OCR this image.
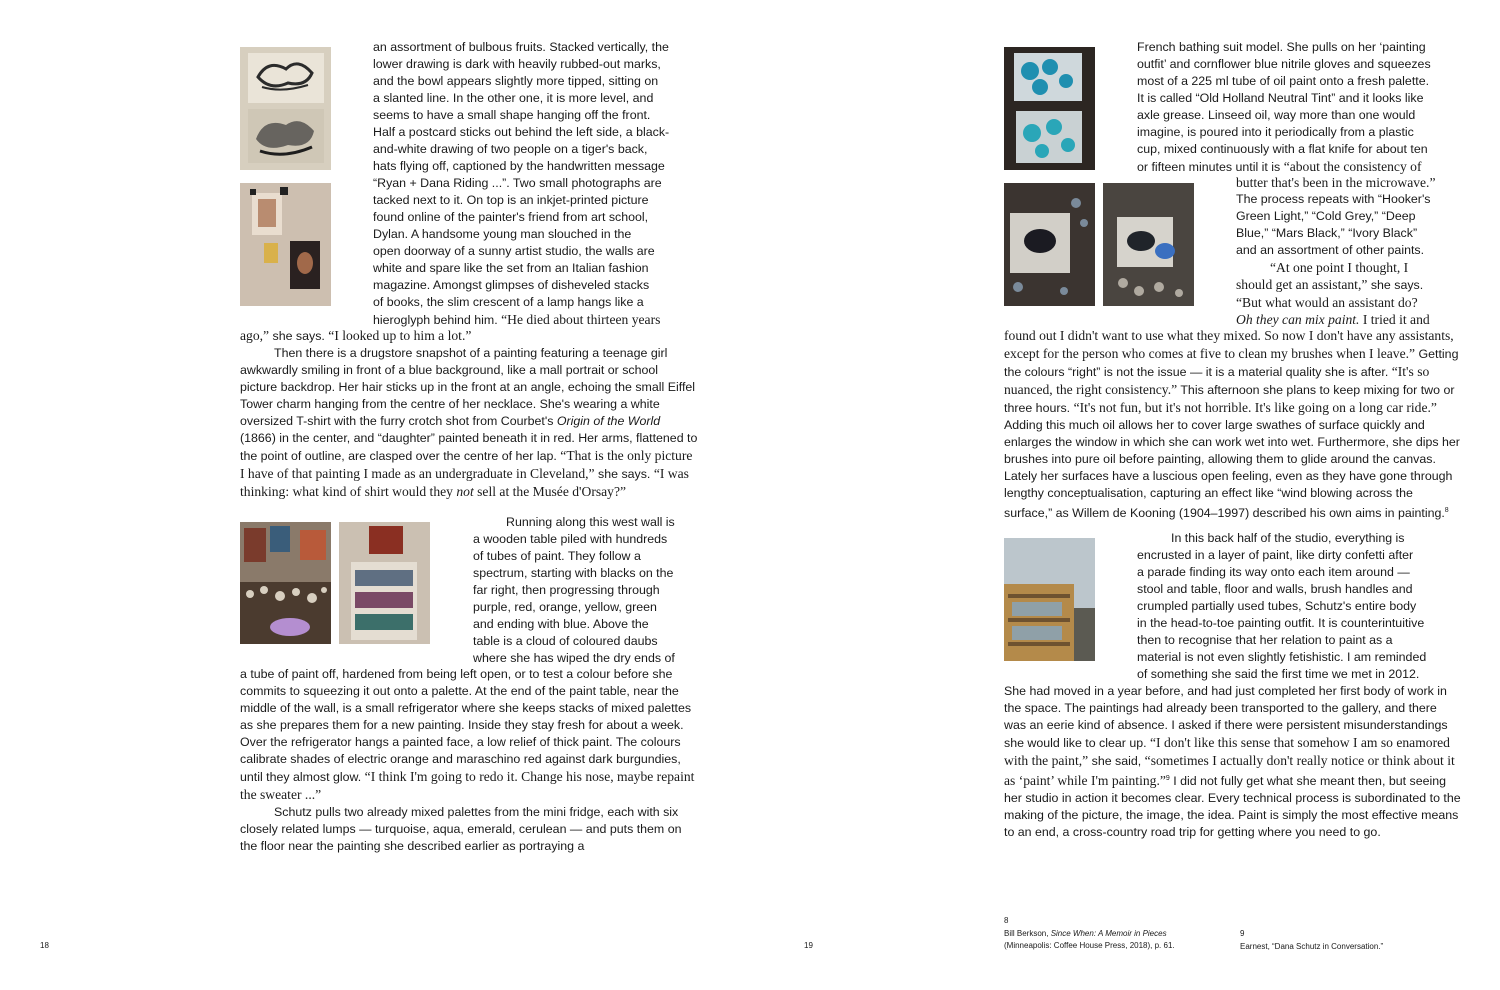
an assortment of bulbous fruits. Stacked vertically, the
lower drawing is dark with heavily rubbed-out marks,
and the bowl appears slightly more tipped, sitting on
a slanted line. In the other one, it is more level, and
seems to have a small shape hanging off the front.
Half a postcard sticks out behind the left side, a black-
and-white drawing of two people on a tiger's back,
hats flying off, captioned by the handwritten message
“Ryan + Dana Riding ...”. Two small photographs are
tacked next to it. On top is an inkjet-printed picture
found online of the painter's friend from art school,
Dylan. A handsome young man slouched in the
open doorway of a sunny artist studio, the walls are
white and spare like the set from an Italian fashion
magazine. Amongst glimpses of disheveled stacks
of books, the slim crescent of a lamp hangs like a
hieroglyph behind him. “He died about thirteen years

ago,” she says. “I looked up to him a lot.”

Then there is a drugstore snapshot of a painting featuring a teenage girl awkwardly smiling in front of a blue background, like a mall portrait or school picture backdrop. Her hair sticks up in the front at an angle, echoing the small Eiffel Tower charm hanging from the centre of her necklace. She's wearing a white oversized T-shirt with the furry crotch shot from Courbet's Origin of the World (1866) in the center, and “daughter” painted beneath it in red. Her arms, flattened to the point of outline, are clasped over the centre of her lap. “That is the only picture I have of that painting I made as an undergraduate in Cleveland,” she says. “I was thinking: what kind of shirt would they not sell at the Musée d'Orsay?”

Running along this west wall is
a wooden table piled with hundreds
of tubes of paint. They follow a
spectrum, starting with blacks on the
far right, then progressing through
purple, red, orange, yellow, green
and ending with blue. Above the
table is a cloud of coloured daubs
where she has wiped the dry ends of

a tube of paint off, hardened from being left open, or to test a colour before she commits to squeezing it out onto a palette. At the end of the paint table, near the middle of the wall, is a small refrigerator where she keeps stacks of mixed palettes as she prepares them for a new painting. Inside they stay fresh for about a week. Over the refrigerator hangs a painted face, a low relief of thick paint. The colours calibrate shades of electric orange and maraschino red against dark burgundies, until they almost glow. “I think I'm going to redo it. Change his nose, maybe repaint the sweater ...”

Schutz pulls two already mixed palettes from the mini fridge, each with six closely related lumps — turquoise, aqua, emerald, cerulean — and puts them on the floor near the painting she described earlier as portraying a

18	19
French bathing suit model. She pulls on her ‘painting
outfit’ and cornflower blue nitrile gloves and squeezes
most of a 225 ml tube of oil paint onto a fresh palette.
It is called “Old Holland Neutral Tint” and it looks like
axle grease. Linseed oil, way more than one would
imagine, is poured into it periodically from a plastic
cup, mixed continuously with a flat knife for about ten
or fifteen minutes until it is “about the consistency of
butter that's been in the microwave.”
The process repeats with “Hooker's
Green Light,” “Cold Grey,” “Deep
Blue,” “Mars Black,” “Ivory Black”
and an assortment of other paints.
“At one point I thought, I
should get an assistant,” she says.
“But what would an assistant do?
Oh they can mix paint. I tried it and

found out I didn't want to use what they mixed. So now I don't have any assistants, except for the person who comes at five to clean my brushes when I leave.” Getting the colours “right” is not the issue — it is a material quality she is after. “It's so nuanced, the right consistency.” This afternoon she plans to keep mixing for two or three hours. “It's not fun, but it's not horrible. It's like going on a long car ride.” Adding this much oil allows her to cover large swathes of surface quickly and enlarges the window in which she can work wet into wet. Furthermore, she dips her brushes into pure oil before painting, allowing them to glide around the canvas. Lately her surfaces have a luscious open feeling, even as they have gone through lengthy conceptualisation, capturing an effect like “wind blowing across the surface,” as Willem de Kooning (1904–1997) described his own aims in painting.$^8$

In this back half of the studio, everything is
encrusted in a layer of paint, like dirty confetti after
a parade finding its way onto each item around —
stool and table, floor and walls, brush handles and
crumpled partially used tubes, Schutz's entire body
in the head-to-toe painting outfit. It is counterintuitive
then to recognise that her relation to paint as a
material is not even slightly fetishistic. I am reminded
of something she said the first time we met in 2012.

She had moved in a year before, and had just completed her first body of work in the space. The paintings had already been transported to the gallery, and there was an eerie kind of absence. I asked if there were persistent misunderstandings she would like to clear up. “I don't like this sense that somehow I am so enamored with the paint,” she said, “sometimes I actually don't really notice or think about it as ‘paint’ while I'm painting.”$^9$ I did not fully get what she meant then, but seeing her studio in action it becomes clear. Every technical process is subordinated to the making of the picture, the image, the idea. Paint is simply the most effective means to an end, a cross-country road trip for getting where you need to go.

8
Bill Berkson, Since When: A Memoir in Pieces
(Minneapolis: Coffee House Press, 2018), p. 61.
9
Earnest, “Dana Schutz in Conversation.”
